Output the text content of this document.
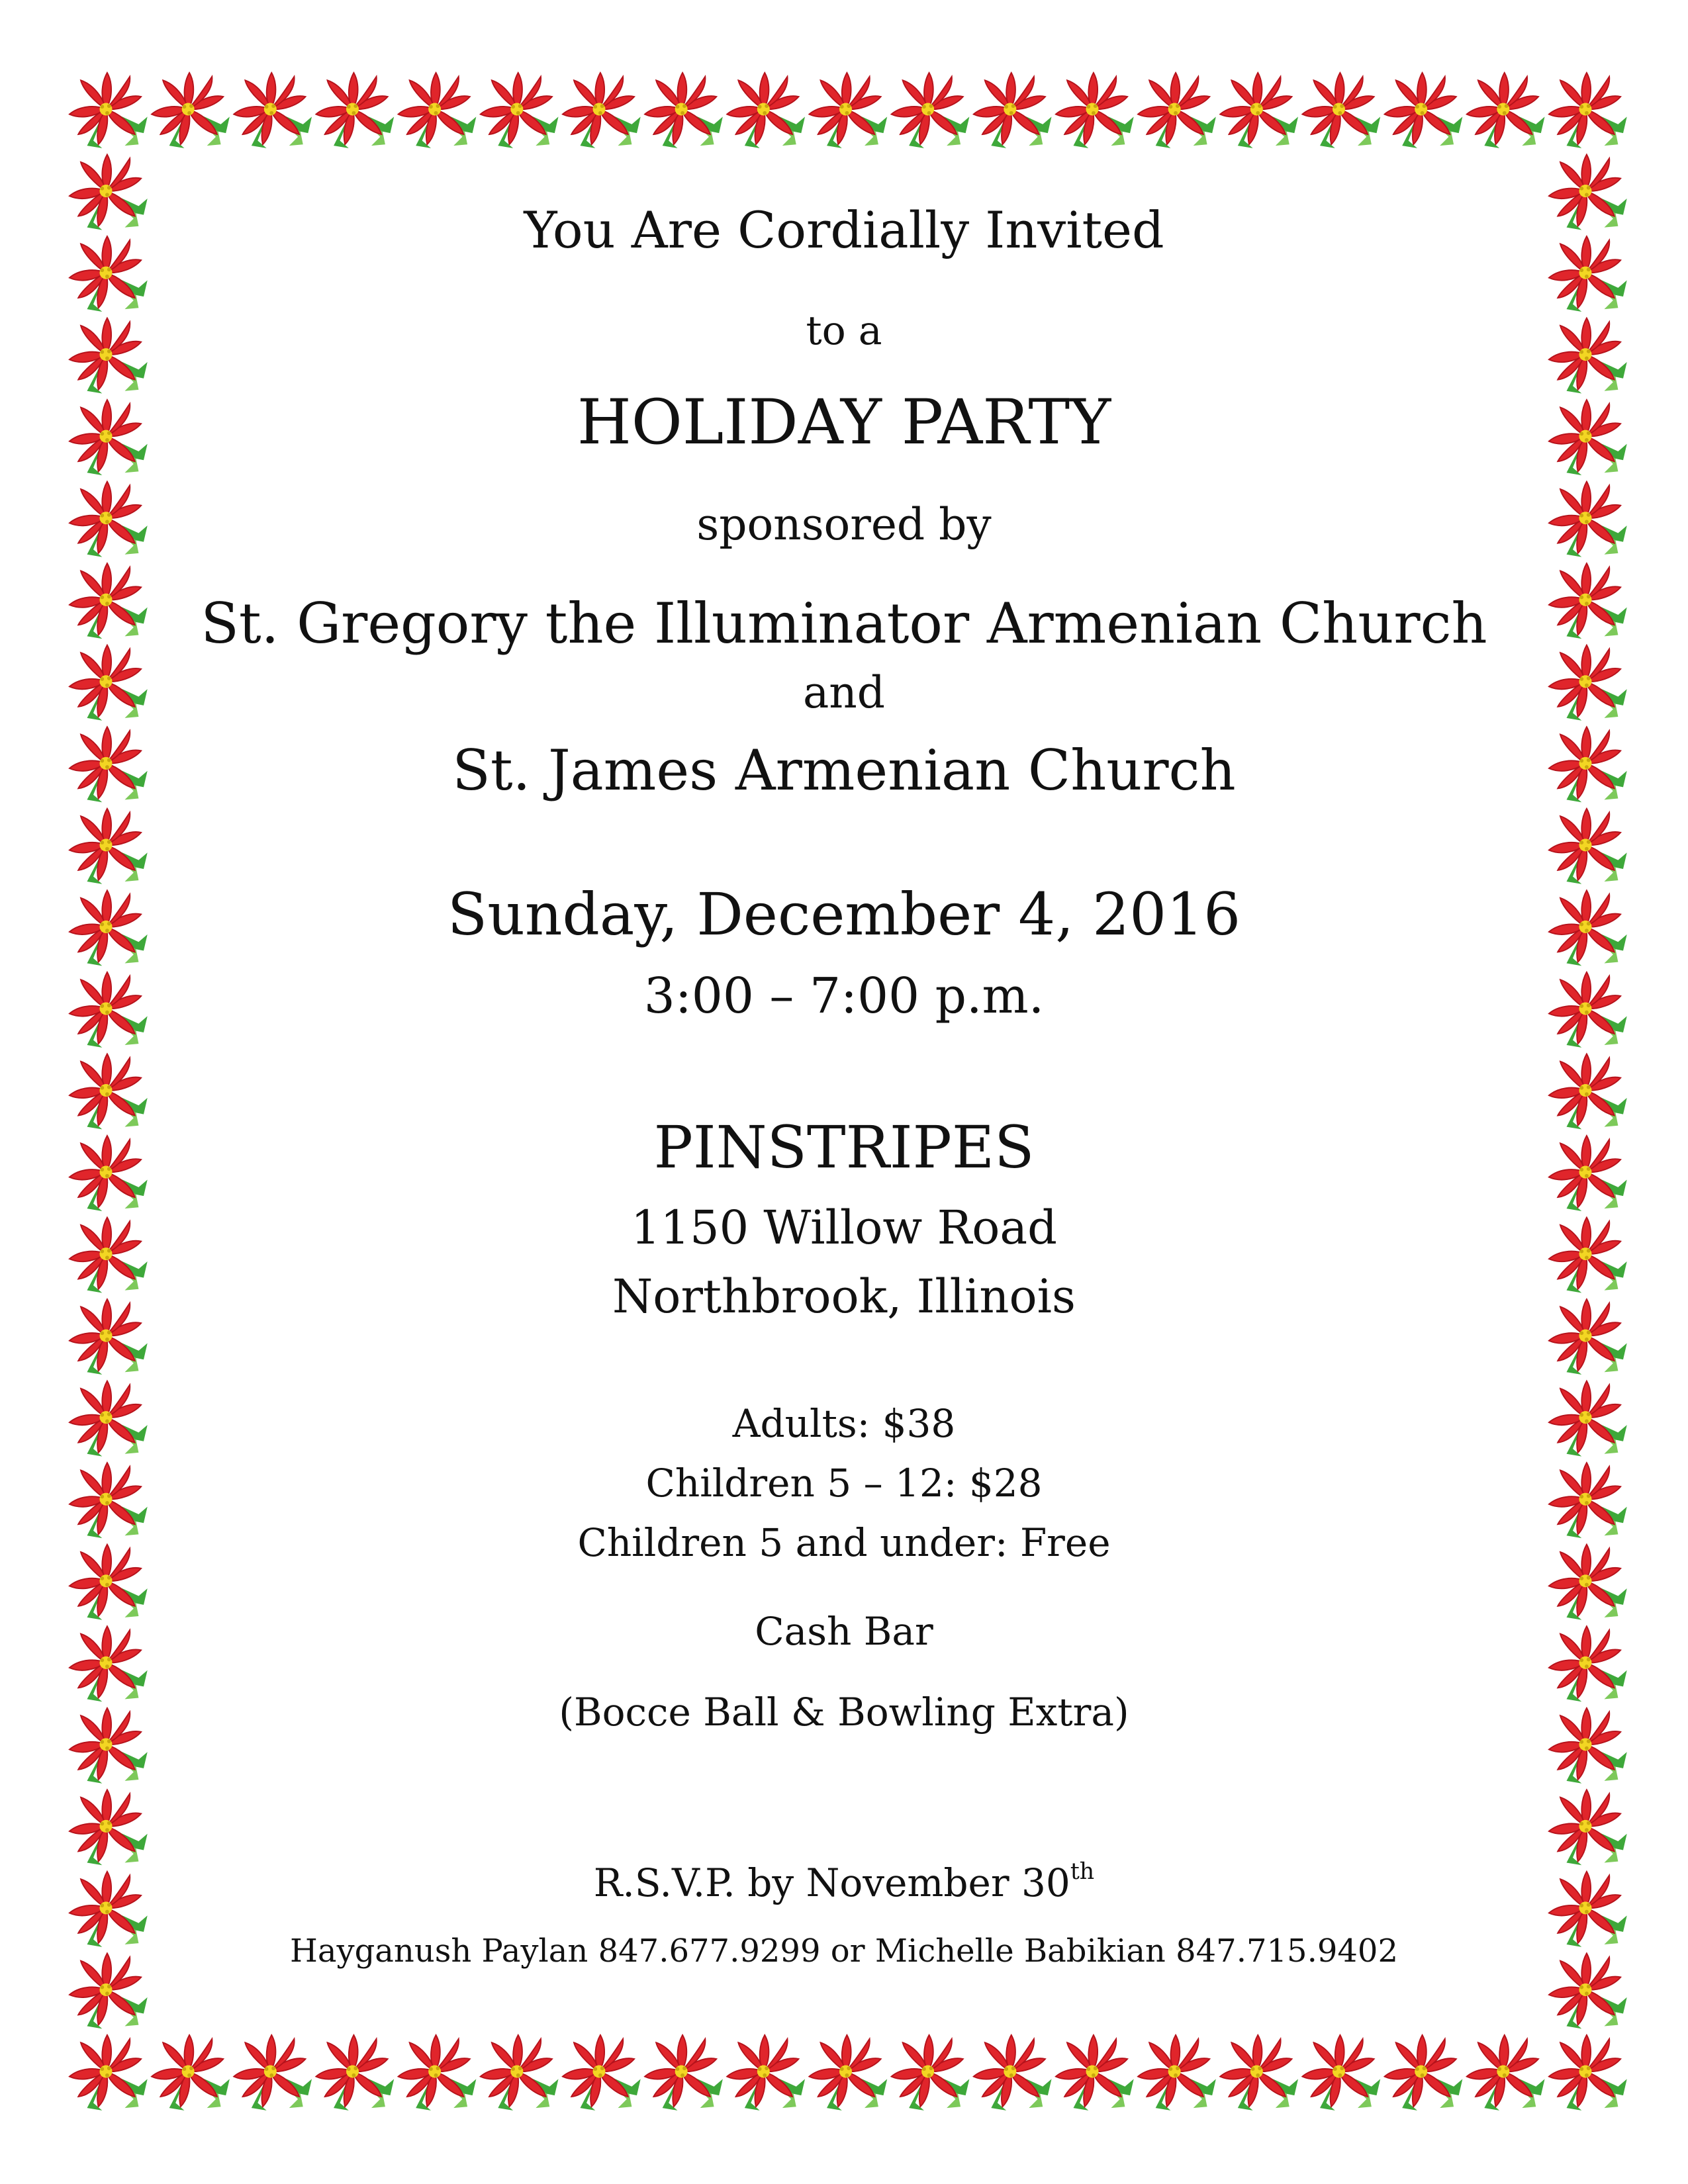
You Are Cordially Invited
to a
HOLIDAY PARTY
sponsored by
St. Gregory the Illuminator Armenian Church
and
St. James Armenian Church
Sunday, December 4, 2016
3:00 – 7:00 p.m.
PINSTRIPES
1150 Willow Road
Northbrook, Illinois
Adults: $38
Children 5 – 12: $28
Children 5 and under: Free
Cash Bar
(Bocce Ball & Bowling Extra)
R.S.V.P. by November 30th
Hayganush Paylan 847.677.9299 or Michelle Babikian 847.715.9402
